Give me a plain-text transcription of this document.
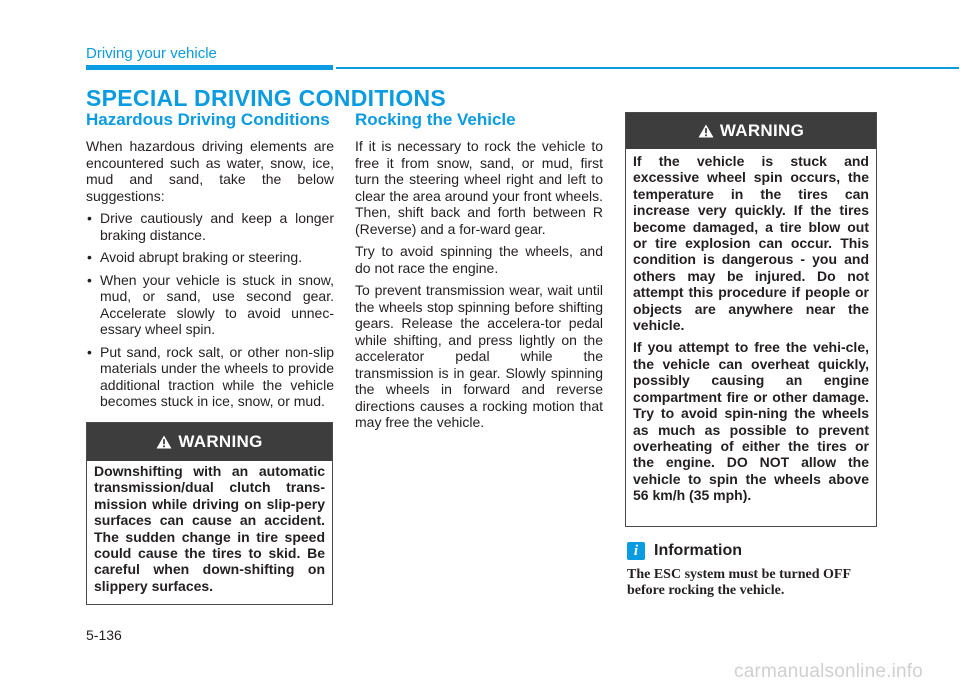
Driving your vehicle
SPECIAL DRIVING CONDITIONS
Hazardous Driving Conditions

When hazardous driving elements are encountered such as water, snow, ice, mud and sand, take the below suggestions:

• Drive cautiously and keep a longer braking distance.
• Avoid abrupt braking or steering.
• When your vehicle is stuck in snow, mud, or sand, use second gear. Accelerate slowly to avoid unnec-essary wheel spin.
• Put sand, rock salt, or other non-slip materials under the wheels to provide additional traction while the vehicle becomes stuck in ice, snow, or mud.
WARNING

Downshifting with an automatic transmission/dual clutch trans-mission while driving on slip-pery surfaces can cause an accident. The sudden change in tire speed could cause the tires to skid. Be careful when down-shifting on slippery surfaces.

Rocking the Vehicle

If it is necessary to rock the vehicle to free it from snow, sand, or mud, first turn the steering wheel right and left to clear the area around your front wheels. Then, shift back and forth between R (Reverse) and a for-ward gear.

Try to avoid spinning the wheels, and do not race the engine.

To prevent transmission wear, wait until the wheels stop spinning before shifting gears. Release the accelera-tor pedal while shifting, and press lightly on the accelerator pedal while the transmission is in gear. Slowly spinning the wheels in forward and reverse directions causes a rocking motion that may free the vehicle.

WARNING

If the vehicle is stuck and excessive wheel spin occurs, the temperature in the tires can increase very quickly. If the tires become damaged, a tire blow out or tire explosion can occur. This condition is dangerous - you and others may be injured. Do not attempt this procedure if people or objects are anywhere near the vehicle.

If you attempt to free the vehi-cle, the vehicle can overheat quickly, possibly causing an engine compartment fire or other damage. Try to avoid spin-ning the wheels as much as possible to prevent overheating of either the tires or the engine. DO NOT allow the vehicle to spin the wheels above 56 km/h (35 mph).

i Information

The ESC system must be turned OFF before rocking the vehicle.

5-136
carmanualsonline.info
